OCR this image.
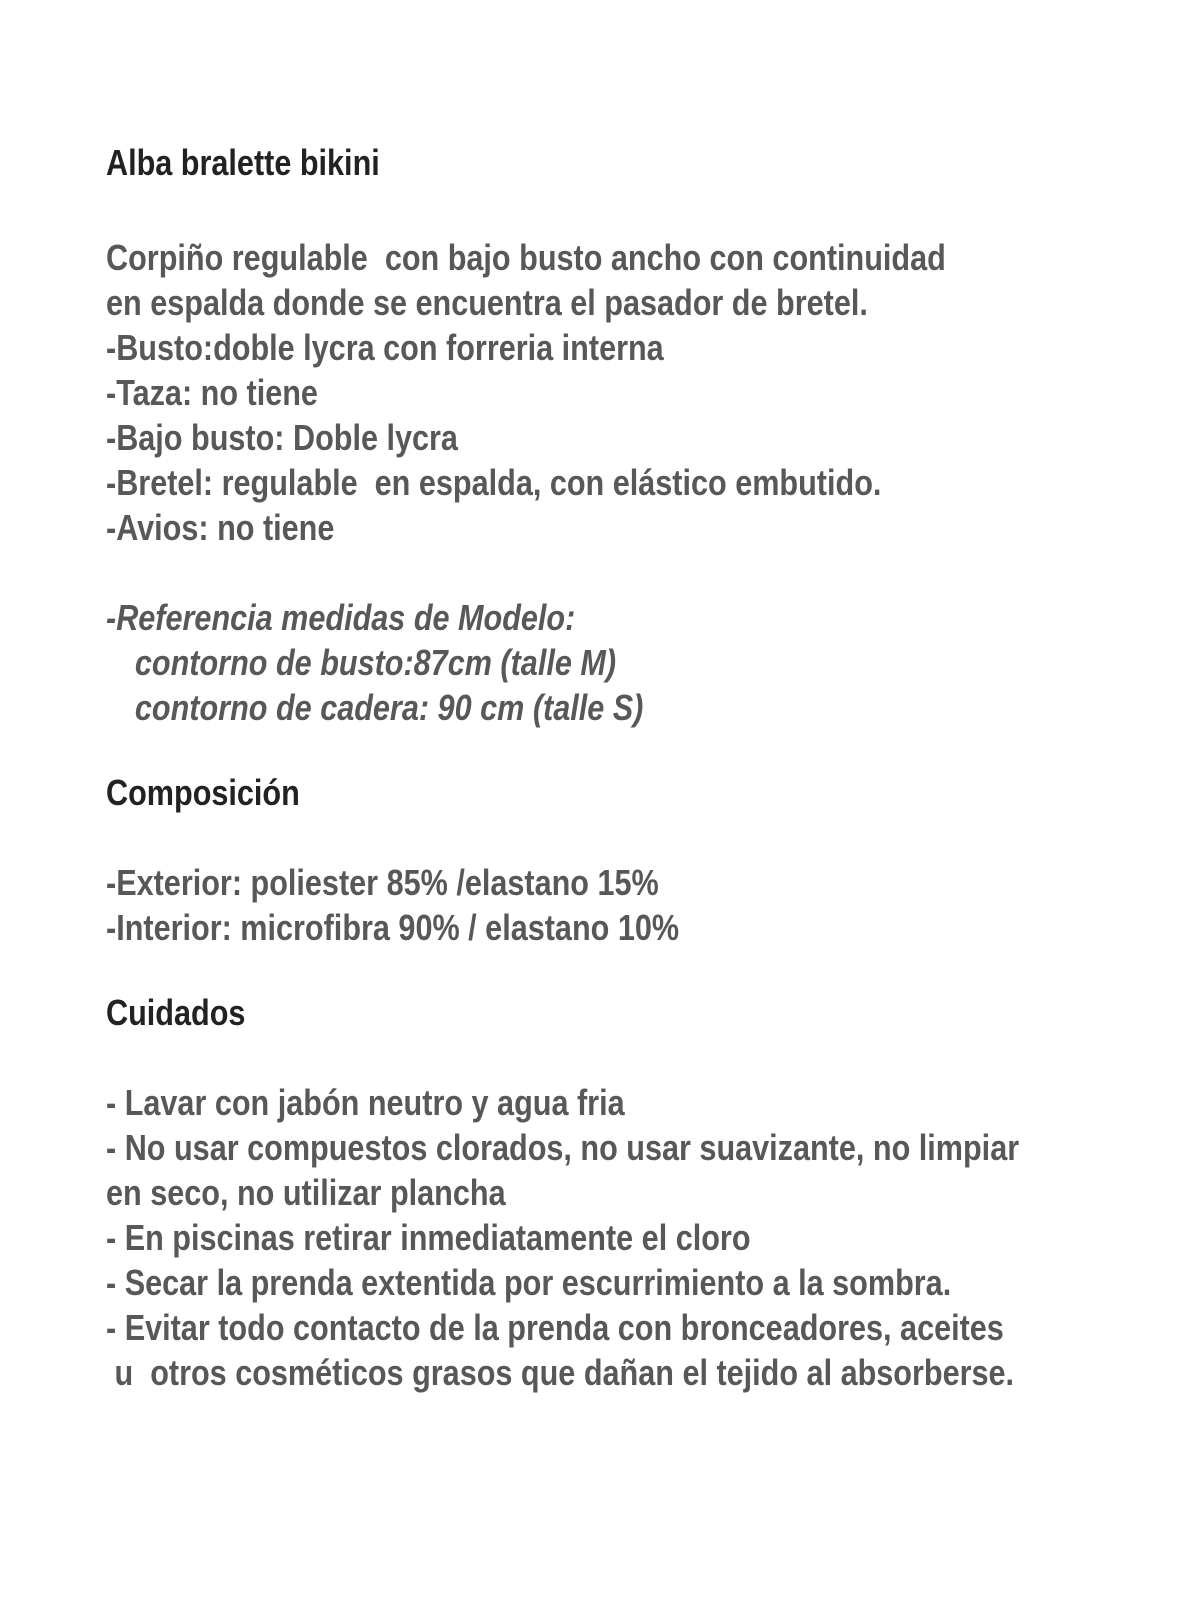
Alba bralette bikini
Corpiño regulable  con bajo busto ancho con continuidad
en espalda donde se encuentra el pasador de bretel.
-Busto:doble lycra con forreria interna
-Taza: no tiene
-Bajo busto: Doble lycra
-Bretel: regulable  en espalda, con elástico embutido.
-Avios: no tiene
-Referencia medidas de Modelo:
contorno de busto:87cm (talle M)
contorno de cadera: 90 cm (talle S)
Composición
-Exterior: poliester 85% /elastano 15%
-Interior: microfibra 90% / elastano 10%
Cuidados
- Lavar con jabón neutro y agua fria
- No usar compuestos clorados, no usar suavizante, no limpiar
en seco, no utilizar plancha
- En piscinas retirar inmediatamente el cloro
- Secar la prenda extentida por escurrimiento a la sombra.
- Evitar todo contacto de la prenda con bronceadores, aceites
u  otros cosméticos grasos que dañan el tejido al absorberse.
